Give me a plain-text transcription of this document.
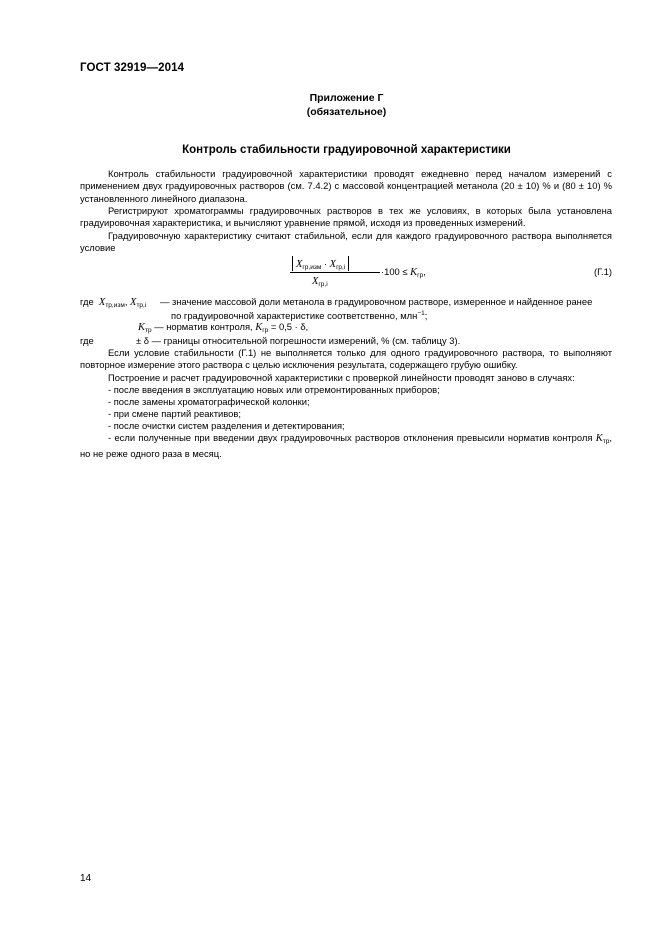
ГОСТ 32919—2014
Приложение Г
(обязательное)
Контроль стабильности градуировочной характеристики
Контроль стабильности градуировочной характеристики проводят ежедневно перед началом измерений с применением двух градуировочных растворов (см. 7.4.2) с массовой концентрацией метанола (20 ± 10) % и (80 ± 10) % установленного линейного диапазона.
Регистрируют хроматограммы градуировочных растворов в тех же условиях, в которых была установлена градуировочная характеристика, и вычисляют уравнение прямой, исходя из проведенных измерений.
Градуировочную характеристику считают стабильной, если для каждого градуировочного раствора выполняется условие
$X_{гр,изм} \cdot X_{гр,i}$
$X_{гр,i}$
$\cdot 100 \le K_{гр}$,	(Г.1)
где $X_{тр,изм}$, $X_{тр,i}$ — значение массовой доли метанола в градуировочном растворе, измеренное и найденное ранее
по градуировочной характеристике соответственно, млн$^{-1}$;
$K_{тр}$ — норматив контроля, $K_{гр} = 0,5 \cdot \delta$,
где	± δ — границы относительной погрешности измерений, % (см. таблицу 3).
Если условие стабильности (Г.1) не выполняется только для одного градуировочного раствора, то выполняют повторное измерение этого раствора с целью исключения результата, содержащего грубую ошибку.
Построение и расчет градуировочной характеристики с проверкой линейности проводят заново в случаях:
- после введения в эксплуатацию новых или отремонтированных приборов;
- после замены хроматографической колонки;
- при смене партий реактивов;
- после очистки систем разделения и детектирования;
- если полученные при введении двух градуировочных растворов отклонения превысили норматив контроля $K_{тр}$, но не реже одного раза в месяц.
14
